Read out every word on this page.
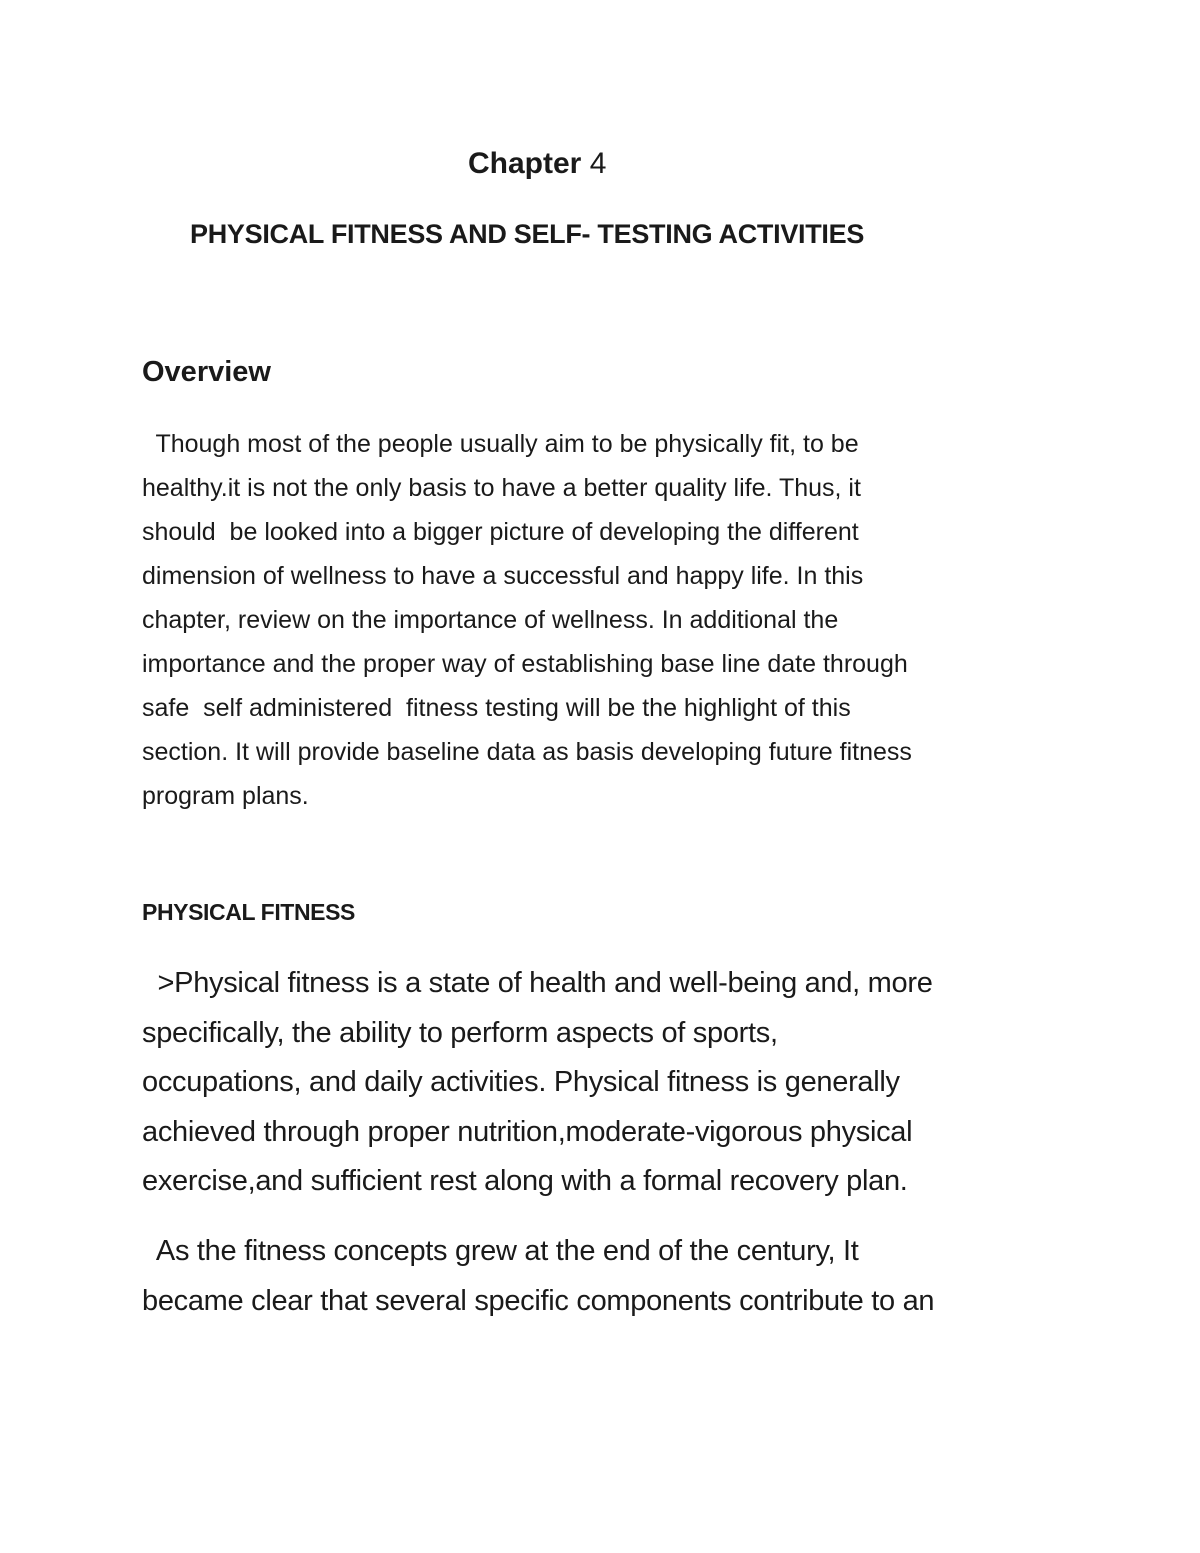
Chapter 4
PHYSICAL FITNESS AND SELF- TESTING ACTIVITIES
Overview
Though most of the people usually aim to be physically fit, to be
healthy.it is not the only basis to have a better quality life. Thus, it
should  be looked into a bigger picture of developing the different
dimension of wellness to have a successful and happy life. In this
chapter, review on the importance of wellness. In additional the
importance and the proper way of establishing base line date through
safe  self administered  fitness testing will be the highlight of this
section. It will provide baseline data as basis developing future fitness
program plans.
PHYSICAL FITNESS
>Physical fitness is a state of health and well-being and, more
specifically, the ability to perform aspects of sports,
occupations, and daily activities. Physical fitness is generally
achieved through proper nutrition,moderate-vigorous physical
exercise,and sufficient rest along with a formal recovery plan.
As the fitness concepts grew at the end of the century, It
became clear that several specific components contribute to an
